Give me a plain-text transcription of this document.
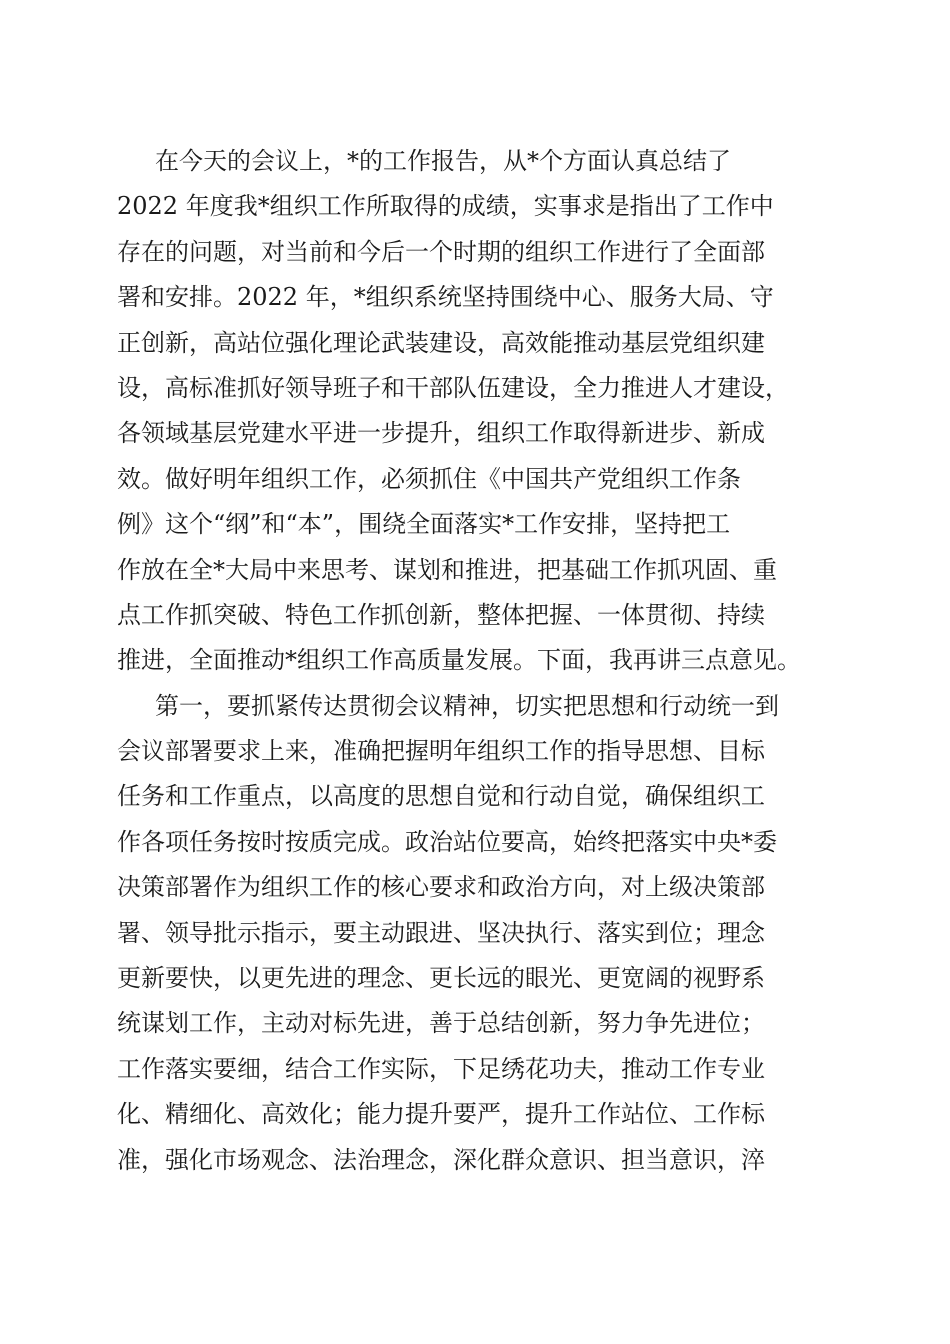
在今天的会议上，*的工作报告，从*个方面认真总结了
2022 年度我*组织工作所取得的成绩，实事求是指出了工作中
存在的问题，对当前和今后一个时期的组织工作进行了全面部
署和安排。2022 年，*组织系统坚持围绕中心、服务大局、守
正创新，高站位强化理论武装建设，高效能推动基层党组织建
设，高标准抓好领导班子和干部队伍建设，全力推进人才建设，
各领域基层党建水平进一步提升，组织工作取得新进步、新成
效。做好明年组织工作，必须抓住《中国共产党组织工作条
例》这个“纲”和“本”，围绕全面落实*工作安排，坚持把工
作放在全*大局中来思考、谋划和推进，把基础工作抓巩固、重
点工作抓突破、特色工作抓创新，整体把握、一体贯彻、持续
推进，全面推动*组织工作高质量发展。下面，我再讲三点意见。
第一，要抓紧传达贯彻会议精神，切实把思想和行动统一到
会议部署要求上来，准确把握明年组织工作的指导思想、目标
任务和工作重点，以高度的思想自觉和行动自觉，确保组织工
作各项任务按时按质完成。政治站位要高，始终把落实中央*委
决策部署作为组织工作的核心要求和政治方向，对上级决策部
署、领导批示指示，要主动跟进、坚决执行、落实到位；理念
更新要快，以更先进的理念、更长远的眼光、更宽阔的视野系
统谋划工作，主动对标先进，善于总结创新，努力争先进位；
工作落实要细，结合工作实际，下足绣花功夫，推动工作专业
化、精细化、高效化；能力提升要严，提升工作站位、工作标
准，强化市场观念、法治理念，深化群众意识、担当意识，淬
